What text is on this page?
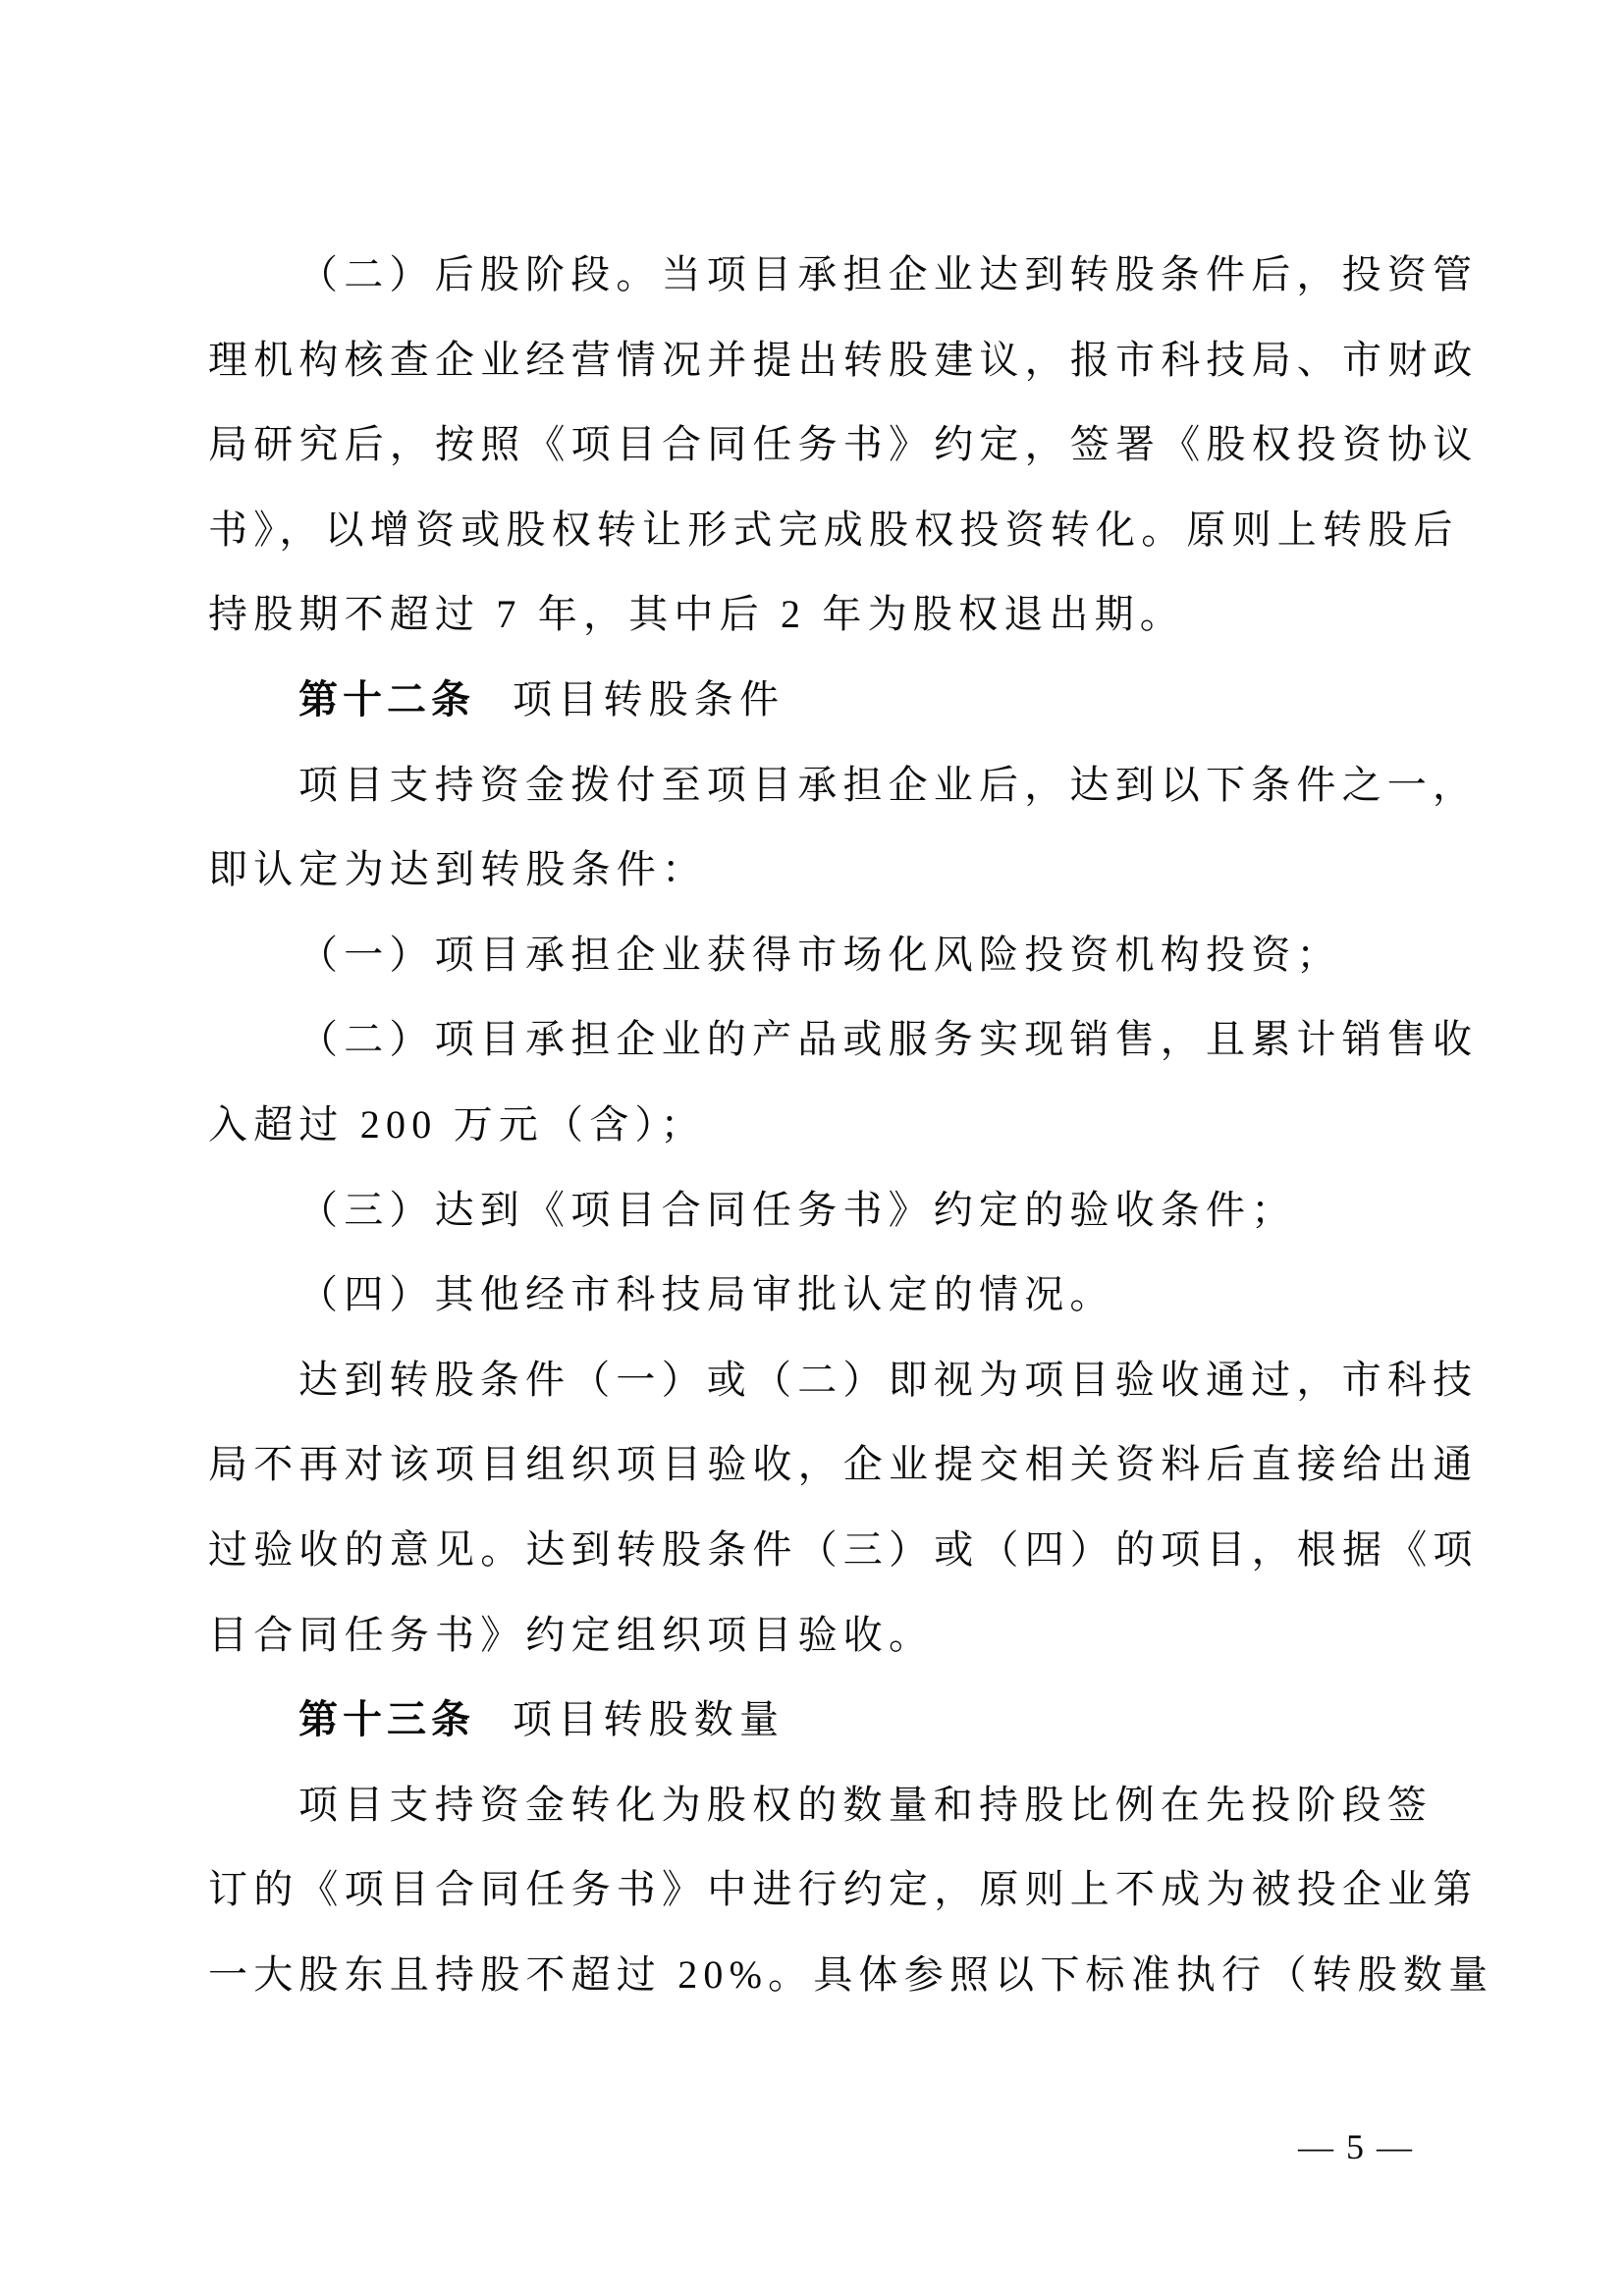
（二）后股阶段。当项目承担企业达到转股条件后，投资管
理机构核查企业经营情况并提出转股建议，报市科技局、市财政
局研究后，按照《项目合同任务书》约定，签署《股权投资协议
书》，以增资或股权转让形式完成股权投资转化。原则上转股后
持股期不超过 7 年，其中后 2 年为股权退出期。
第十二条 项目转股条件
项目支持资金拨付至项目承担企业后，达到以下条件之一，
即认定为达到转股条件：
（一）项目承担企业获得市场化风险投资机构投资；
（二）项目承担企业的产品或服务实现销售，且累计销售收
入超过 200 万元（含）；
（三）达到《项目合同任务书》约定的验收条件；
（四）其他经市科技局审批认定的情况。
达到转股条件（一）或（二）即视为项目验收通过，市科技
局不再对该项目组织项目验收，企业提交相关资料后直接给出通
过验收的意见。达到转股条件（三）或（四）的项目，根据《项
目合同任务书》约定组织项目验收。
第十三条 项目转股数量
项目支持资金转化为股权的数量和持股比例在先投阶段签
订的《项目合同任务书》中进行约定，原则上不成为被投企业第
一大股东且持股不超过 20%。具体参照以下标准执行（转股数量
— 5 —
